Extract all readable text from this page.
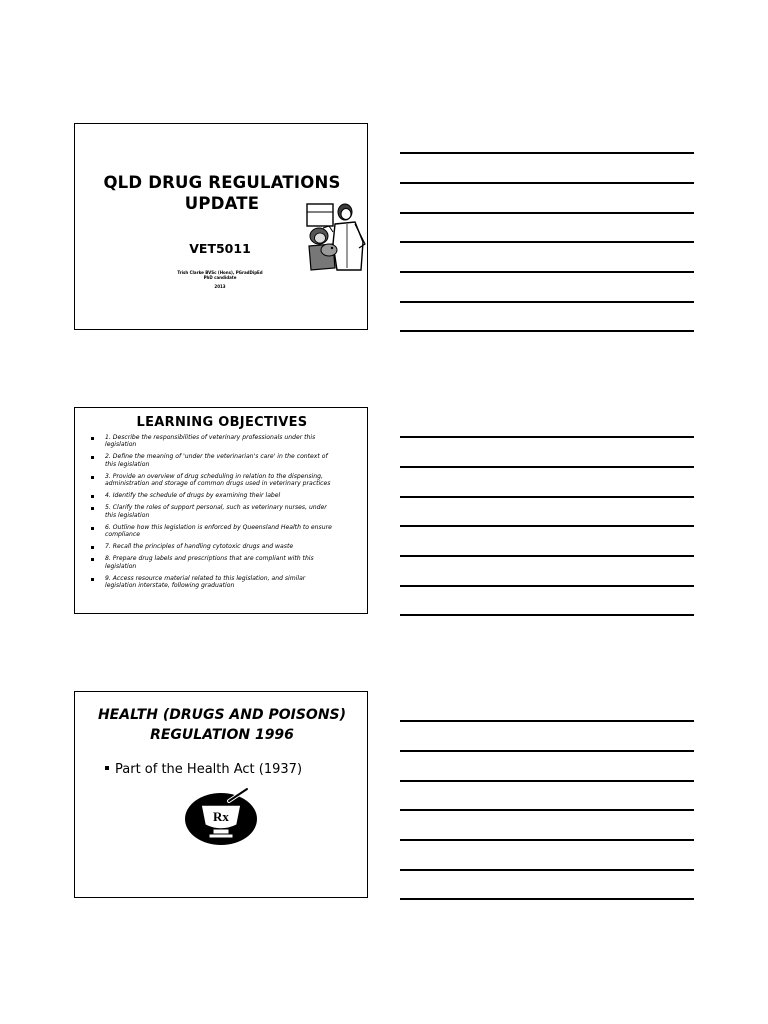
QLD DRUG REGULATIONS
UPDATE
VET5011
Trish Clarke BVSc (Hons), PGradDipEd
PhD candidate
2013
LEARNING OBJECTIVES
1. Describe the responsibilities of veterinary professionals under this
legislation
2. Define the meaning of 'under the veterinarian's care' in the context of
this legislation
3. Provide an overview of drug scheduling in relation to the dispensing,
administration and storage of common drugs used in veterinary practices
4. Identify the schedule of drugs by examining their label
5. Clarify the roles of support personal, such as veterinary nurses, under
this legislation
6. Outline how this legislation is enforced by Queensland Health to ensure
compliance
7. Recall the principles of handling cytotoxic drugs and waste
8. Prepare drug labels and prescriptions that are compliant with this
legislation
9. Access resource material related to this legislation, and similar
legislation interstate, following graduation
HEALTH (DRUGS AND POISONS)
REGULATION 1996
Part of the Health Act (1937)
Rx
